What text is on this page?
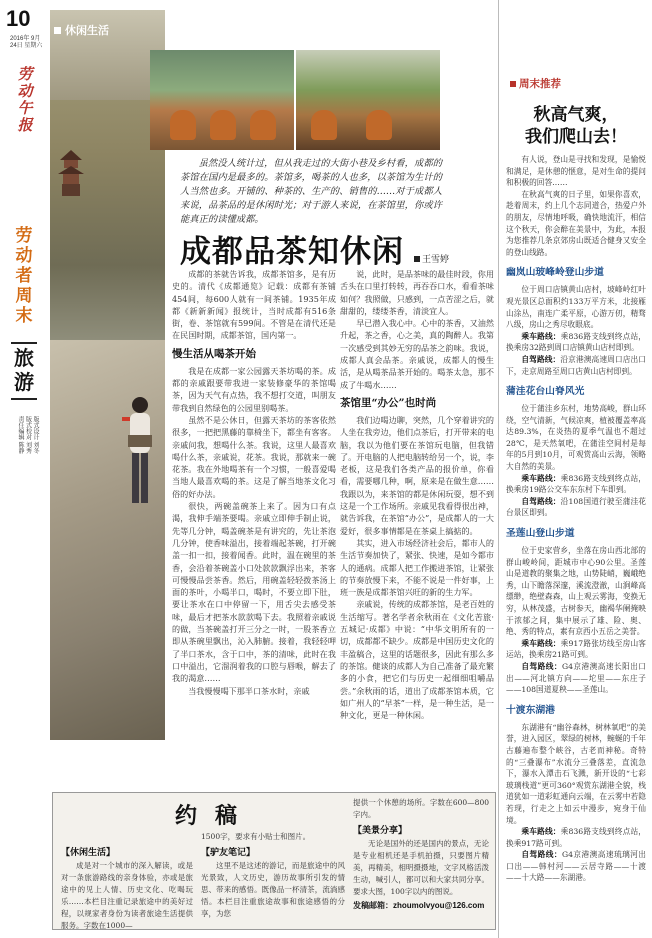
10
2016年 9月24日 星期六
劳动午报
劳动者周末
旅游
版式设计 刘冬
版式校对 刘秀
责任编辑 陈静
休闲生活

虽然没人统计过，但从我走过的大街小巷及乡村看，成都的茶馆在国内是最多的。茶馆多，喝茶的人也多，以茶馆为生计的人当然也多。开铺的、种茶的、生产的、销售的……对于成都人来说，品茶品的是休闲时光；对于游人来说，在茶馆里，你或许能真正的读懂成都。

成都品茶知休闲	王雪婷

成都的茶就告诉我，成都茶馆多，是有历史的。清代《成都通览》记载：成都有茶铺454间，每600人就有一间茶铺。1935年成都《新新新闻》报统计，当时成都有516条街，卷、茶馆就有599间。不管是在清代还是在民国时期，成都茶馆，国内第一。

慢生活从喝茶开始

我是在成都一家公园露天茶坊喝的茶。成都的亲戚跟要带我进一家装修豪华的茶馆喝茶，因为天气有点热，我不想打交道，叫朋友带我到自然绿色的公园里别喝茶。

虽然不是公休日，但露天茶坊的茶客依然很多，一把把黑藤的靠椅坐下，都坐有客客。亲戚问我，想喝什么茶。我说，这里人最喜欢喝什么茶，亲戚说，花茶。我说，那就来一碗花茶。我在外地喝茶有一个习惯，一般喜爱喝当地人最喜欢喝的茶。这是了解当地茶文化习俗的好办法。

很快，两碗盖碗茶上来了。因为口有点渴，我伸手端茶要喝。亲戚立即伸手制止说，先等几分钟，喝盖碗茶是有讲究的，先让茶泡几分钟，使香味溢出，接着端起茶碗，打开碗盖一扣一扣，接着闻香。此时，温在碗里的茶香，会沿着茶碗盖小口处款款飘浮出来，茶客可慢慢品尝茶香。然后，用碗盖轻轻拨茶汤上面的茶叶，小喝半口，喝时，不要立即下肚，要让茶水在口中停留一下，用舌尖去感受茶味，最后才把茶水款款喝下去。我照着亲戚说的做，当茶碗盖打开三分之一时，一股茶香立即从茶碗里飘出，沁入肺腑。接着，我轻轻呷了半口茶水，含于口中，茶的清味，此时在我口中溢出，它溜润着我的口腔与唇喉，解去了我的渴意……

当我慢慢喝下那半口茶水时，亲戚

说，此时，是品茶味的最佳时段，你用舌头在口里打转转，再吞吞口水，看看茶味如何？我照做，只感到，一点苦涩之后，就甜甜的，缕缕茶香，清淡宜人。

早已潜入我心中。心中的茶香，又油然升起，茶之香，心之美，真的陶醉人。我第一次感受到其妙无穷的品茶之韵味。我说，成都人真会品茶。亲戚说，成都人的慢生活，是从喝茶品茶开始的。喝茶太急，那不成了牛喝水……

茶馆里“办公”也时尚

我们边喝边聊，突然，几个穿着讲究的人坐在我旁边，他们点茶后，打开带来的电脑，我以为他们要在茶馆玩电脑，但我错了。开电脑的人把电脑转给另一个，说，李老板，这是我们各类产品的报价单，你看看，需要哪几种，啊，原来是在做生意……我跟以为，来茶馆的都是休闲玩耍，想不到这是一个工作场所。亲戚见我看得很出神，就告诉我，在茶馆“办公”，是成都人的一大爱好，很多事情都是在茶桌上搞掂的。

其实，进入市场经济社会后，都市人的生活节奏加快了，紧张、快速，是如今都市人的通病。成都人把工作搬进茶馆，让紧张的节奏放慢下来，不能不说是一件好事，上班一族是成都茶馆兴旺的新的生力军。

亲戚说，传统的成都茶馆，是老百姓的生活缩写。著名学者余秋雨在《文化苦旅·五城记·成都》中说：“中华文明所有的一切，成都都不缺少。成都是中国历史文化的丰盈稿合，这里的话题很多，因此有那么多的茶馆。健谈的成都人为自己准备了最充繁多的小食，把它们与历史一起细细咀嚼品尝。”余秋雨的话，道出了成都茶馆本质，它如广州人的“早茶”一样，是一种生活，是一种文化，更是一种休闲。

周末推荐
秋高气爽，
我们爬山去！

有人说，登山是寻找和发现，是愉悦和满足，是休憩的惬意，是对生命的提问和积极的回答……

在秋高气爽的日子里，如果你喜欢，趁着周末，约上几个志同道合，热爱户外的朋友，尽情地呼吸，确快地流汗，相信这个秋天，你会醉在美景中，为此，本报为您推荐几条京郊房山既适合健身又安全的登山线路。

幽岚山玻峰岭登山步道

位于周口店镇黄山店村，坡峰岭红叶观光景区总面积约133万平方米，北接雁山涂丛，南连广柔平原，心游万仞，精骛八级，房山之秀尽收眼底。

乘车路线：乘836路支线到终点站，换乘房32路到周口店镇黄山店村即到。

自驾路线：沿京港澳高速周口店出口下，走京周路至周口店黄山店村即到。

蒲洼花台山脊风光

位于蒲洼乡东村，地势高峻，群山环绕，空气清新，气候凉爽，植被覆盖率高达89.3%，在炎热的夏季气温也不超过28℃，是天然氧吧，在蒲洼空间村是每年的5月到10月，可观赏高山云海，领略大自然的美景。

乘车路线：乘836路支线到终点站，换乘房19路公交车东东村下车即到。

自驾路线：沿108国道行驶至蒲洼花台景区即到。

圣莲山登山步道

位于史家营乡，坐落在房山西北部的群山峻岭间，距城市中心90公里。圣莲山是道教的聚集之地，山势陡峭，巍峨绝秀，山下瞻落深邃，溪流澄澈，山涧峰高缥缈，绝壁森森，山上观云雾海，变换无穷，从林茂盛，古树参天，幽褐华阑掩映于浓郁之间，集中展示了雄、险、奥、绝、秀的特点，素有京西小五岳之美誉。

乘车路线：乘917路张坊线至房山客运站，换乘房21路可到。

自驾路线：G4京港澳高速长阳出口出——河北镇方向——坨里——东庄子——108国道夏秧——圣莲山。

十渡东湖港

东湖港有“幽谷森林，树林氧吧”的美誉，进入园区，翠绿的树林，蜿蜒的千年古藤遍布整个峡谷，古老而神秘。奇特的“三叠瀑布”水流分三叠落差，直流急下，瀑水入潭击石飞溅，新开设的“七彩玻璃栈道”更可360°观赏东湖港全貌，栈道犹如一道彩虹通向云端，在云雾中若隐若现，行走之上如云中漫步，宛身于仙境。

乘车路线：乘836路支线到终点站，换乘917路可到。

自驾路线：G4京港澳高速琉璃河出口出——韩村河——云居寺路——十渡——十大路——东湖港。

约稿
【休闲生活】

成是对一个城市的深入解读，或是对一条旅游路线的亲身体验，亦或是旅途中的见上人情、历史文化、吃喝玩乐……本栏目注重记录旅途中的美好过程，以规家者身份为读者旅途生活提供服务。字数在1000—

1500字，要求有小贴士和图片。

【驴友笔记】

这里不是这述的游记，而是旅途中的风光景致，人文历史，游历故事所引发的情思、带来的感悟。既像品一杯清茶，流淌感悟。本栏目注重旅途故事和旅途感悟的分享，为您

提供一个休憩的场所。字数在600—800字内。

【美景分享】

无论是国外的还是国内的景点，无论是专业相机还是手机拍摄，只要图片精美，再精美，相明摄摄地，文字风格活泼生动，喊引人，都可以和大家共同分享。要求大图，100字以内的图说。

发稿邮箱：zhoumolvyou@126.com
